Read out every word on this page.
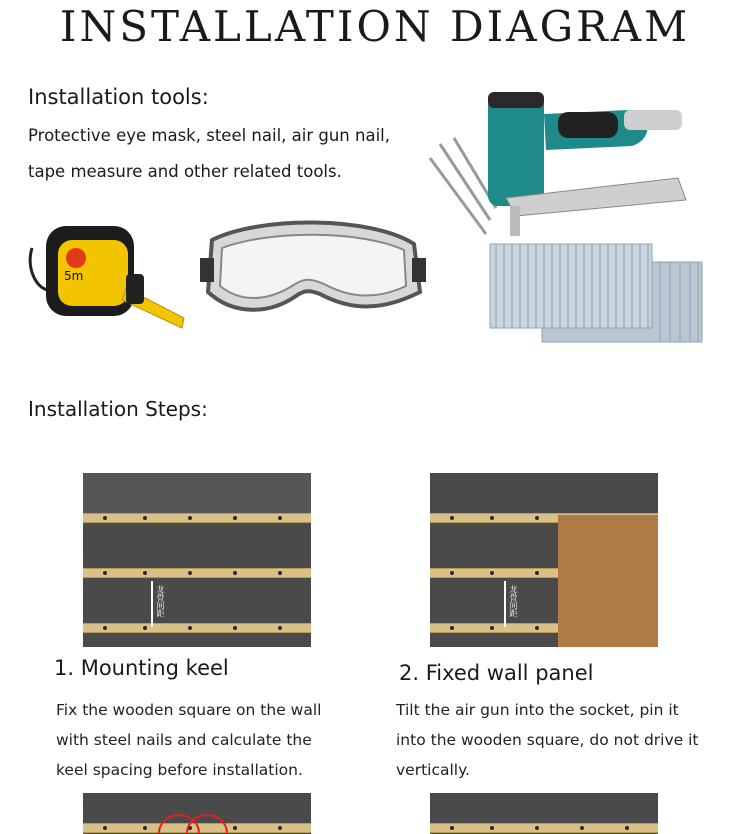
INSTALLATION DIAGRAM
Installation tools:
Protective eye mask, steel nail, air gun nail, tape measure and other related tools.
5m
Installation Steps:
龙骨间距	龙骨间距
1. Mounting keel
Fix the wooden square on the wall with steel nails and calculate the keel spacing before installation.
2. Fixed wall panel
Tilt the air gun into the socket, pin it into the wooden square, do not drive it vertically.
